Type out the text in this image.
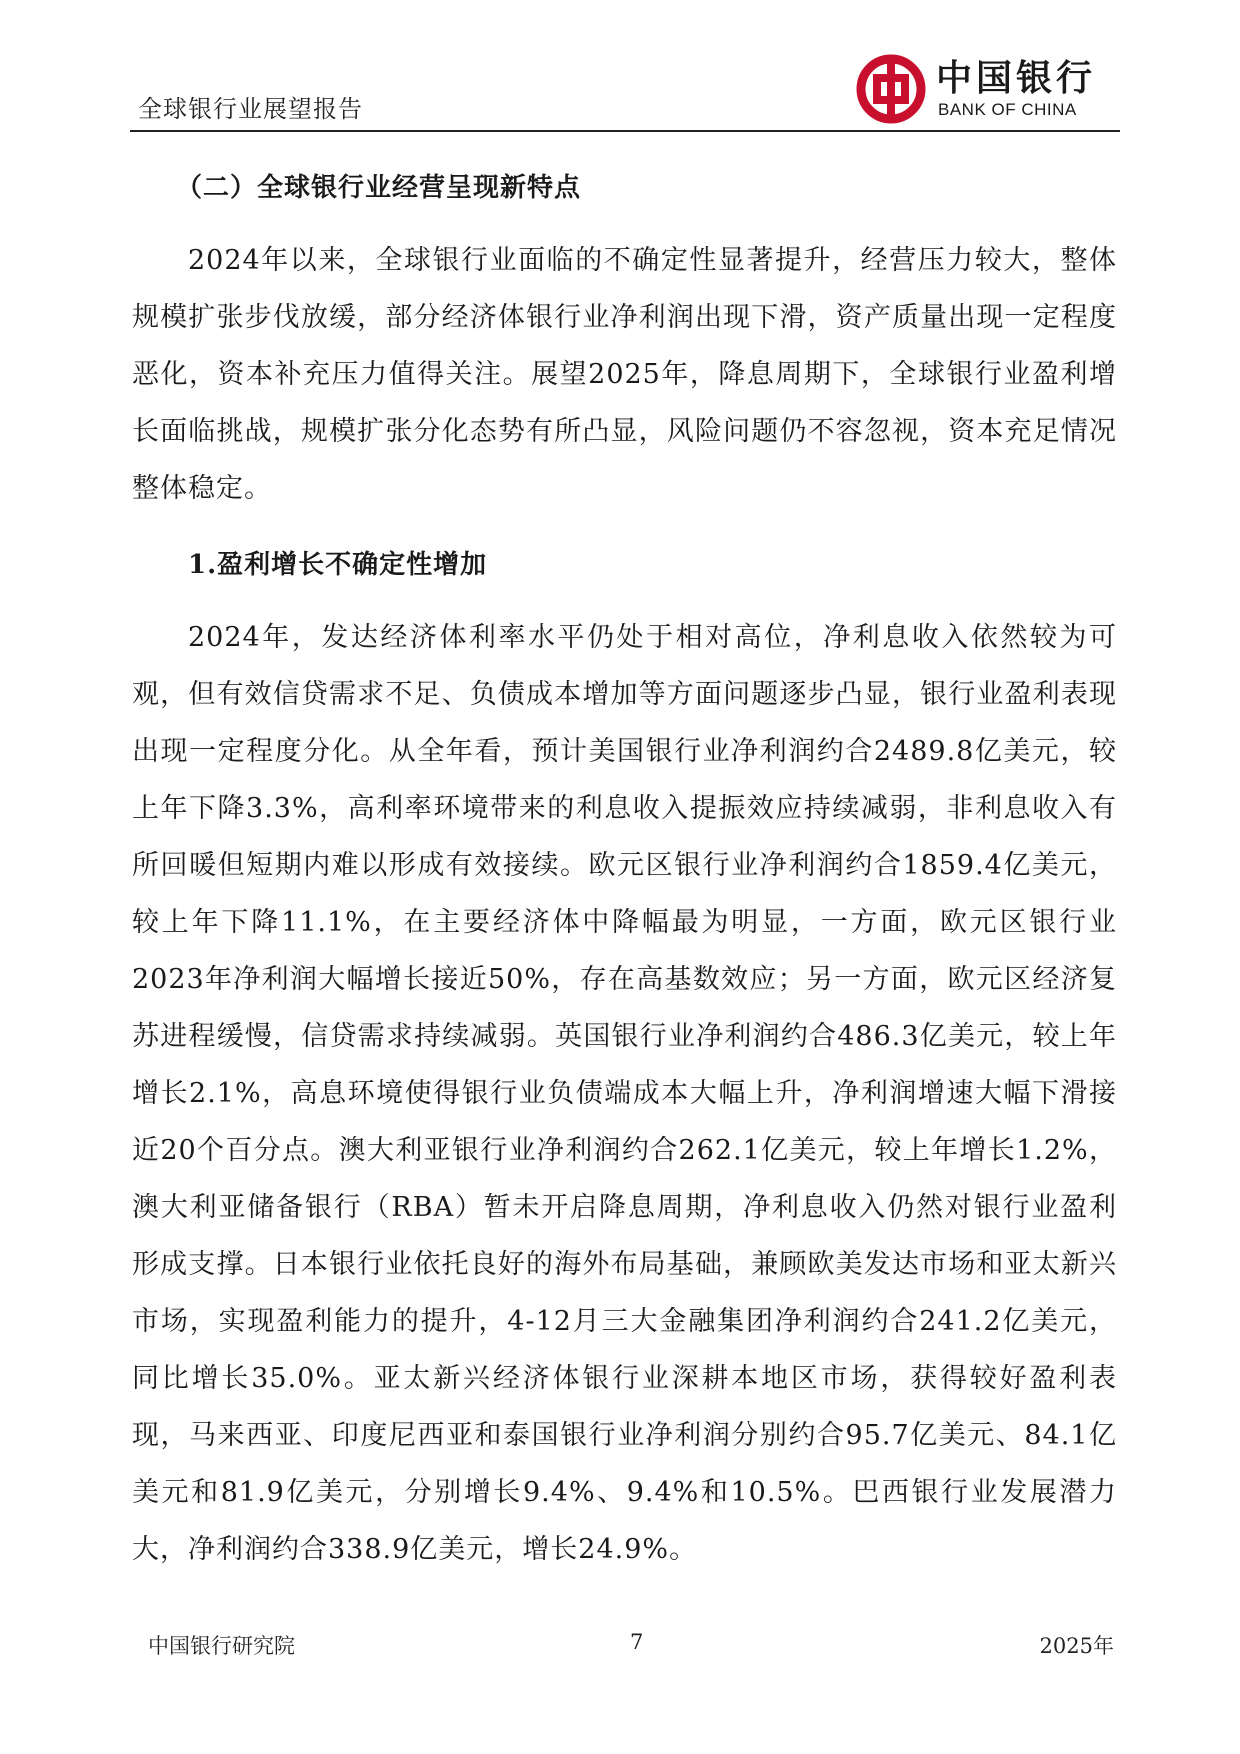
全球银行业展望报告
中国银行
BANK OF CHINA
（二）全球银行业经营呈现新特点

2024年以来，全球银行业面临的不确定性显著提升，经营压力较大，整体规模扩张步伐放缓，部分经济体银行业净利润出现下滑，资产质量出现一定程度恶化，资本补充压力值得关注。展望2025年，降息周期下，全球银行业盈利增长面临挑战，规模扩张分化态势有所凸显，风险问题仍不容忽视，资本充足情况整体稳定。

1.盈利增长不确定性增加

2024年，发达经济体利率水平仍处于相对高位，净利息收入依然较为可观，但有效信贷需求不足、负债成本增加等方面问题逐步凸显，银行业盈利表现出现一定程度分化。从全年看，预计美国银行业净利润约合2489.8亿美元，较上年下降3.3%，高利率环境带来的利息收入提振效应持续减弱，非利息收入有所回暖但短期内难以形成有效接续。欧元区银行业净利润约合1859.4亿美元，较上年下降11.1%，在主要经济体中降幅最为明显，一方面，欧元区银行业2023年净利润大幅增长接近50%，存在高基数效应；另一方面，欧元区经济复苏进程缓慢，信贷需求持续减弱。英国银行业净利润约合486.3亿美元，较上年增长2.1%，高息环境使得银行业负债端成本大幅上升，净利润增速大幅下滑接近20个百分点。澳大利亚银行业净利润约合262.1亿美元，较上年增长1.2%，澳大利亚储备银行（RBA）暂未开启降息周期，净利息收入仍然对银行业盈利形成支撑。日本银行业依托良好的海外布局基础，兼顾欧美发达市场和亚太新兴市场，实现盈利能力的提升，4-12月三大金融集团净利润约合241.2亿美元，同比增长35.0%。亚太新兴经济体银行业深耕本地区市场，获得较好盈利表现，马来西亚、印度尼西亚和泰国银行业净利润分别约合95.7亿美元、84.1亿美元和81.9亿美元，分别增长9.4%、9.4%和10.5%。巴西银行业发展潜力大，净利润约合338.9亿美元，增长24.9%。

中国银行研究院	7	2025年
